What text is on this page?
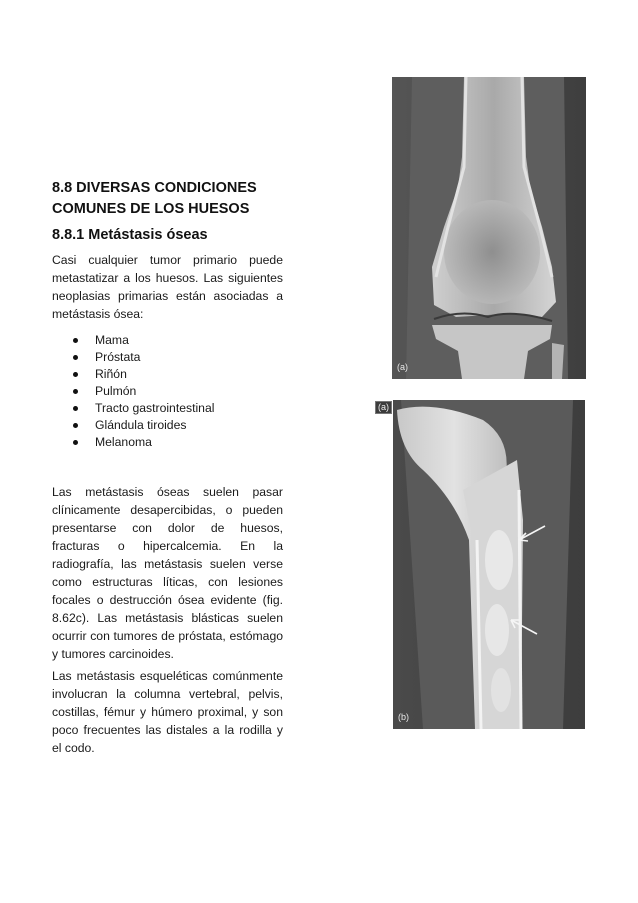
8.8 DIVERSAS CONDICIONES
COMUNES DE LOS HUESOS
8.8.1 Metástasis óseas

Casi cualquier tumor primario puede metastatizar a los huesos. Las siguientes neoplasias primarias están asociadas a metástasis ósea:

Mama
Próstata
Riñón
Pulmón
Tracto gastrointestinal
Glándula tiroides
Melanoma

Las metástasis óseas suelen pasar clínicamente desapercibidas, o pueden presentarse con dolor de huesos, fracturas o hipercalcemia. En la radiografía, las metástasis suelen verse como estructuras líticas, con lesiones focales o destrucción ósea evidente (fig. 8.62c). Las metástasis blásticas suelen ocurrir con tumores de próstata, estómago y tumores carcinoides.

Las metástasis esqueléticas comúnmente involucran la columna vertebral, pelvis, costillas, fémur y húmero proximal, y son poco frecuentes las distales a la rodilla y el codo.

(a)
(a)
(b)
